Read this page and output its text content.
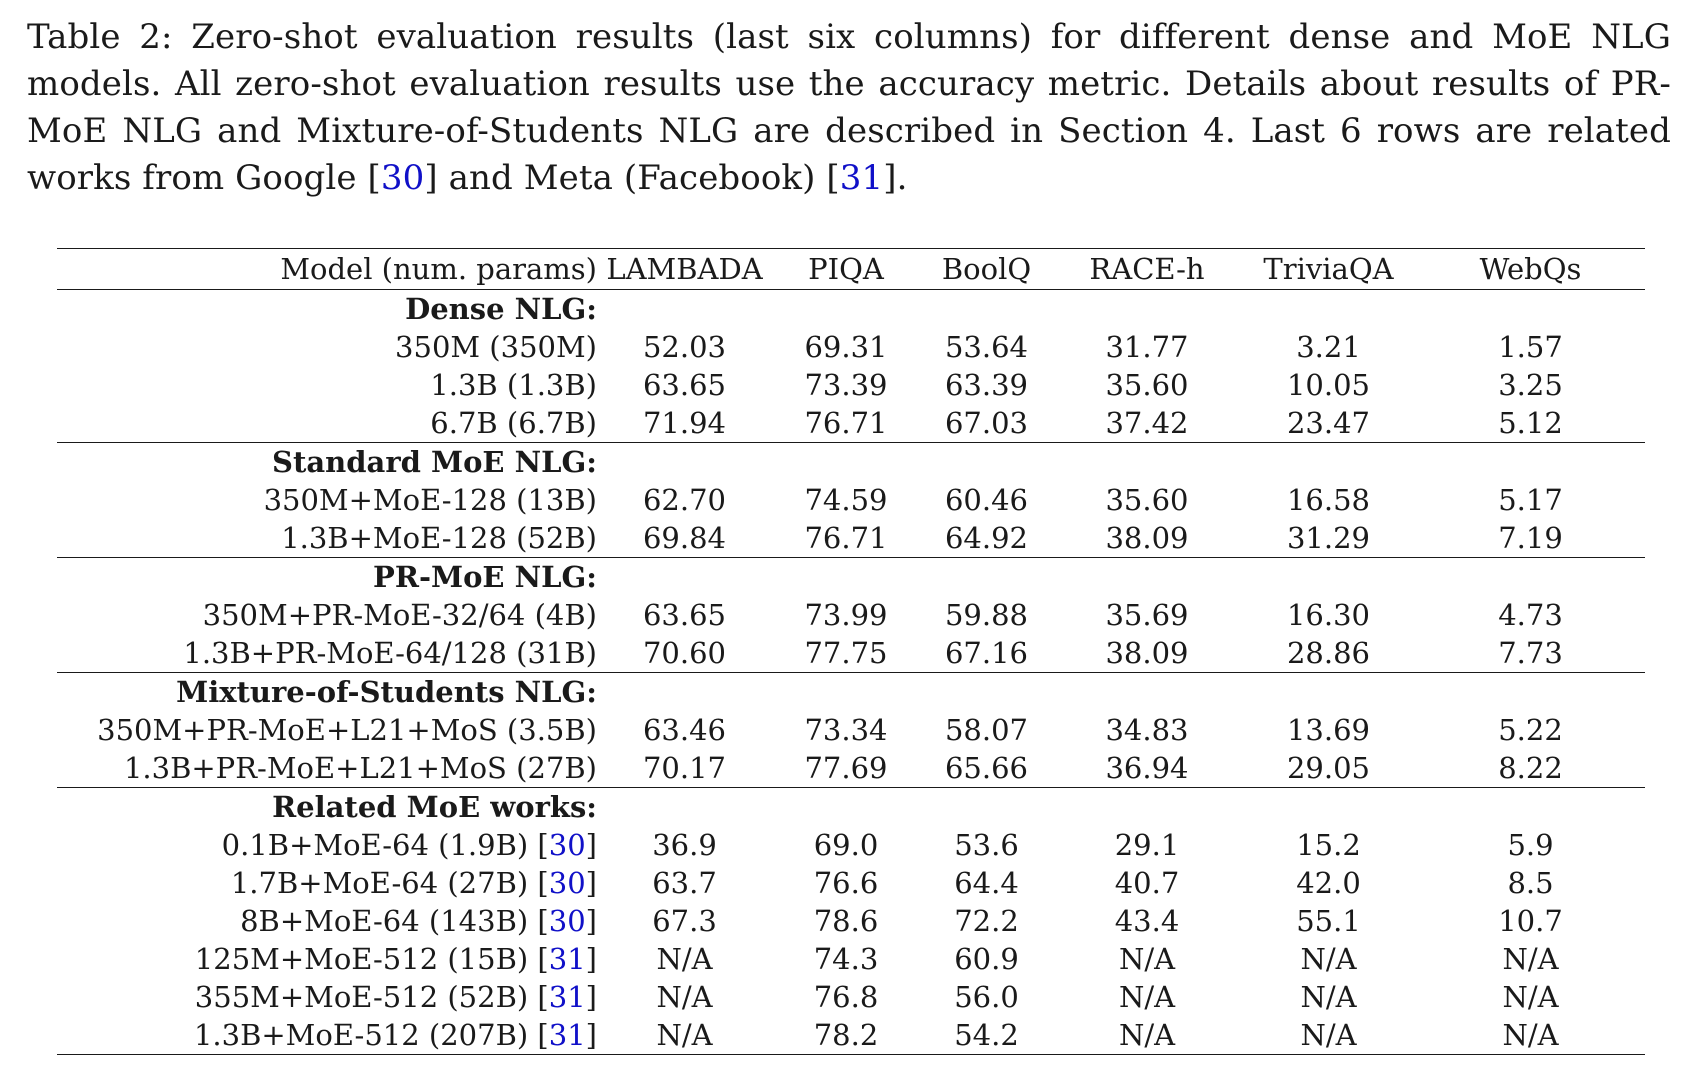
Table 2: Zero-shot evaluation results (last six columns) for different dense and MoE NLG models. All zero-shot evaluation results use the accuracy metric. Details about results of PR-MoE NLG and Mixture-of-Students NLG are described in Section 4. Last 6 rows are related works from Google [30] and Meta (Facebook) [31].
Model (num. params)	LAMBADA	PIQA	BoolQ	RACE-h	TriviaQA	WebQs
Dense NLG:						
350M (350M)	52.03	69.31	53.64	31.77	3.21	1.57
1.3B (1.3B)	63.65	73.39	63.39	35.60	10.05	3.25
6.7B (6.7B)	71.94	76.71	67.03	37.42	23.47	5.12
Standard MoE NLG:						
350M+MoE-128 (13B)	62.70	74.59	60.46	35.60	16.58	5.17
1.3B+MoE-128 (52B)	69.84	76.71	64.92	38.09	31.29	7.19
PR-MoE NLG:						
350M+PR-MoE-32/64 (4B)	63.65	73.99	59.88	35.69	16.30	4.73
1.3B+PR-MoE-64/128 (31B)	70.60	77.75	67.16	38.09	28.86	7.73
Mixture-of-Students NLG:						
350M+PR-MoE+L21+MoS (3.5B)	63.46	73.34	58.07	34.83	13.69	5.22
1.3B+PR-MoE+L21+MoS (27B)	70.17	77.69	65.66	36.94	29.05	8.22
Related MoE works:						
0.1B+MoE-64 (1.9B) [30]	36.9	69.0	53.6	29.1	15.2	5.9
1.7B+MoE-64 (27B) [30]	63.7	76.6	64.4	40.7	42.0	8.5
8B+MoE-64 (143B) [30]	67.3	78.6	72.2	43.4	55.1	10.7
125M+MoE-512 (15B) [31]	N/A	74.3	60.9	N/A	N/A	N/A
355M+MoE-512 (52B) [31]	N/A	76.8	56.0	N/A	N/A	N/A
1.3B+MoE-512 (207B) [31]	N/A	78.2	54.2	N/A	N/A	N/A
